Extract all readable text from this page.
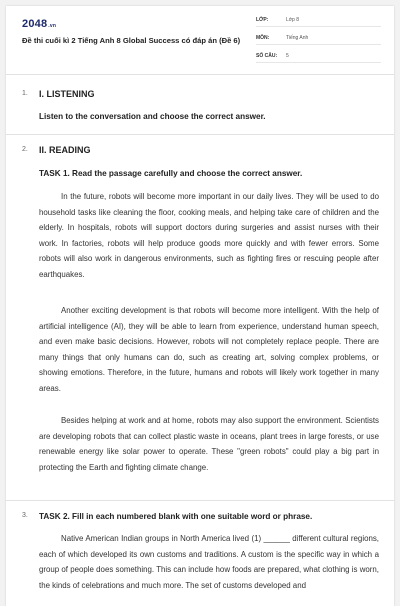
2048.vn
Đề thi cuối kì 2 Tiếng Anh 8 Global Success có đáp án (Đề 6)
LỚP:	Lớp 8
MÔN:	Tiếng Anh
SỐ CÂU: 5
1. I. LISTENING
Listen to the conversation and choose the correct answer.
2. II. READING
TASK 1. Read the passage carefully and choose the correct answer.

In the future, robots will become more important in our daily lives. They will be used to do household tasks like cleaning the floor, cooking meals, and helping take care of children and the elderly. In hospitals, robots will support doctors during surgeries and assist nurses with their work. In factories, robots will help produce goods more quickly and with fewer errors. Some robots will also work in dangerous environments, such as fighting fires or rescuing people after earthquakes.

Another exciting development is that robots will become more intelligent. With the help of artificial intelligence (AI), they will be able to learn from experience, understand human speech, and even make basic decisions. However, robots will not completely replace people. There are many things that only humans can do, such as creating art, solving complex problems, or showing emotions. Therefore, in the future, humans and robots will likely work together in many areas.

Besides helping at work and at home, robots may also support the environment. Scientists are developing robots that can collect plastic waste in oceans, plant trees in large forests, or use renewable energy like solar power to operate. These "green robots" could play a big part in protecting the Earth and fighting climate change.

3. TASK 2. Fill in each numbered blank with one suitable word or phrase.

Native American Indian groups in North America lived (1) ______ different cultural regions, each of which developed its own customs and traditions. A custom is the specific way in which a group of people does something. This can include how foods are prepared, what clothing is worn, the kinds of celebrations and much more. The set of customs developed and
